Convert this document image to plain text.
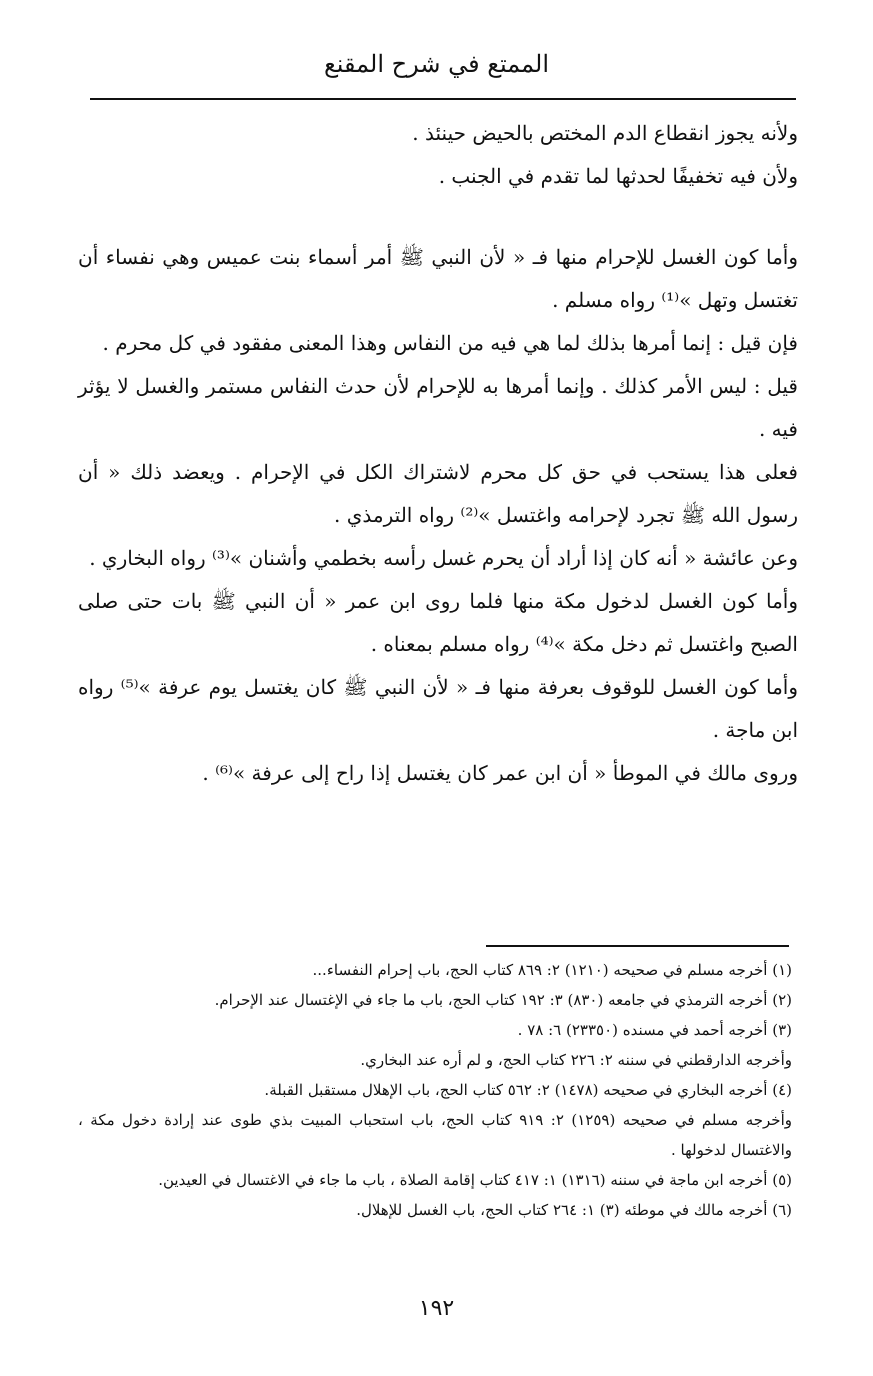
الممتع في شرح المقنع

ولأنه يجوز انقطاع الدم المختص بالحيض حينئذ .

ولأن فيه تخفيفًا لحدثها لما تقدم في الجنب .

وأما كون الغسل للإحرام منها فـ « لأن النبي ﷺ أمر أسماء بنت عميس وهي نفساء أن تغتسل وتهل »⁽¹⁾ رواه مسلم .

فإن قيل : إنما أمرها بذلك لما هي فيه من النفاس وهذا المعنى مفقود في كل محرم .

قيل : ليس الأمر كذلك . وإنما أمرها به للإحرام لأن حدث النفاس مستمر والغسل لا يؤثر فيه .

فعلى هذا يستحب في حق كل محرم لاشتراك الكل في الإحرام . ويعضد ذلك « أن رسول الله ﷺ تجرد لإحرامه واغتسل »⁽²⁾ رواه الترمذي .

وعن عائشة « أنه كان إذا أراد أن يحرم غسل رأسه بخطمي وأشنان »⁽³⁾ رواه البخاري .

وأما كون الغسل لدخول مكة منها فلما روى ابن عمر « أن النبي ﷺ بات حتى صلى الصبح واغتسل ثم دخل مكة »⁽⁴⁾ رواه مسلم بمعناه .

وأما كون الغسل للوقوف بعرفة منها فـ « لأن النبي ﷺ كان يغتسل يوم عرفة »⁽⁵⁾ رواه ابن ماجة .

وروى مالك في الموطأ « أن ابن عمر كان يغتسل إذا راح إلى عرفة »⁽⁶⁾ .

(١) أخرجه مسلم في صحيحه (١٢١٠) ٢: ٨٦٩ كتاب الحج، باب إحرام النفساء...

(٢) أخرجه الترمذي في جامعه (٨٣٠) ٣: ١٩٢ كتاب الحج، باب ما جاء في الإغتسال عند الإحرام.

(٣) أخرجه أحمد في مسنده (٢٣٣٥٠) ٦: ٧٨ .

وأخرجه الدارقطني في سننه ٢: ٢٢٦ كتاب الحج، و لم أره عند البخاري.

(٤) أخرجه البخاري في صحيحه (١٤٧٨) ٢: ٥٦٢ كتاب الحج، باب الإهلال مستقبل القبلة.

وأخرجه مسلم في صحيحه (١٢٥٩) ٢: ٩١٩ كتاب الحج، باب استحباب المبيت بذي طوى عند إرادة دخول مكة ، والاغتسال لدخولها .

(٥) أخرجه ابن ماجة في سننه (١٣١٦) ١: ٤١٧ كتاب إقامة الصلاة ، باب ما جاء في الاغتسال في العيدين.

(٦) أخرجه مالك في موطئه (٣) ١: ٢٦٤ كتاب الحج، باب الغسل للإهلال.

١٩٢
